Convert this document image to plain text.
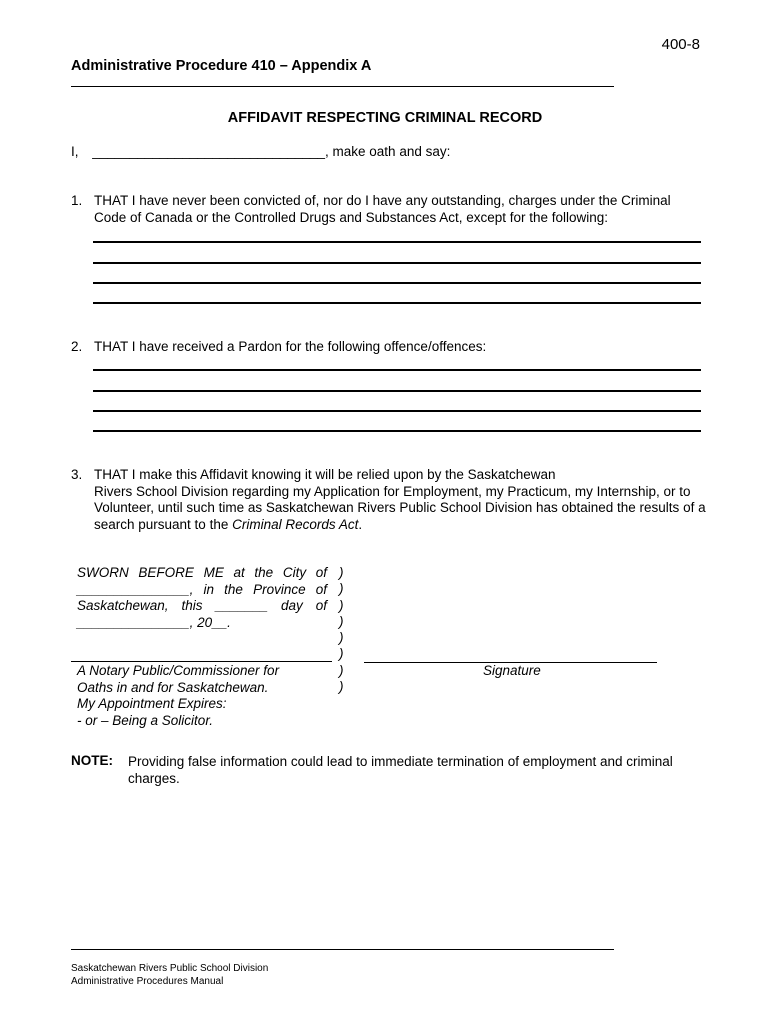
400-8
Administrative Procedure 410 – Appendix A
AFFIDAVIT RESPECTING CRIMINAL RECORD
I, _______________________________, make oath and say:
1. THAT I have never been convicted of, nor do I have any outstanding, charges under the Criminal Code of Canada or the Controlled Drugs and Substances Act, except for the following:
2. THAT I have received a Pardon for the following offence/offences:
3. THAT I make this Affidavit knowing it will be relied upon by the Saskatchewan
Rivers School Division regarding my Application for Employment, my Practicum, my Internship, or to Volunteer, until such time as Saskatchewan Rivers Public School Division has obtained the results of a search pursuant to the Criminal Records Act.
SWORN BEFORE ME at the City of
_______________, in the Province of
Saskatchewan, this _______ day of
_______________, 20__.
)
)
)
)
)
)
)
)
A Notary Public/Commissioner for
Oaths in and for Saskatchewan.
My Appointment Expires:
- or – Being a Solicitor.
Signature
NOTE: Providing false information could lead to immediate termination of employment and criminal charges.
Saskatchewan Rivers Public School Division
Administrative Procedures Manual
